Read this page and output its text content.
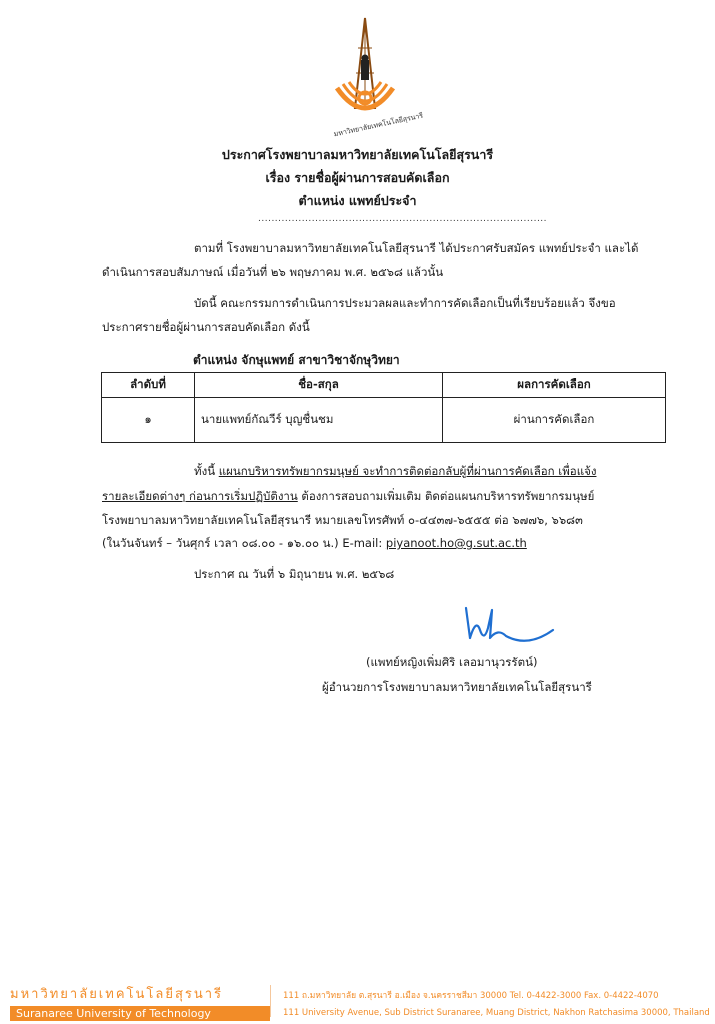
มหาวิทยาลัยเทคโนโลยีสุรนารี
ประกาศโรงพยาบาลมหาวิทยาลัยเทคโนโลยีสุรนารี
เรื่อง รายชื่อผู้ผ่านการสอบคัดเลือก
ตำแหน่ง แพทย์ประจำ
......................................................................................
ตามที่ โรงพยาบาลมหาวิทยาลัยเทคโนโลยีสุรนารี ได้ประกาศรับสมัคร แพทย์ประจำ และได้
ดำเนินการสอบสัมภาษณ์ เมื่อวันที่ ๒๖ พฤษภาคม พ.ศ. ๒๕๖๘ แล้วนั้น
บัดนี้ คณะกรรมการดำเนินการประมวลผลและทำการคัดเลือกเป็นที่เรียบร้อยแล้ว จึงขอ
ประกาศรายชื่อผู้ผ่านการสอบคัดเลือก ดังนี้
ตำแหน่ง จักษุแพทย์ สาขาวิชาจักษุวิทยา
ลำดับที่	ชื่อ-สกุล	ผลการคัดเลือก
๑	นายแพทย์กัณวีร์ บุญชื่นชม	ผ่านการคัดเลือก
ทั้งนี้ แผนกบริหารทรัพยากรมนุษย์ จะทำการติดต่อกลับผู้ที่ผ่านการคัดเลือก เพื่อแจ้ง
รายละเอียดต่างๆ ก่อนการเริ่มปฏิบัติงาน ต้องการสอบถามเพิ่มเติม ติดต่อแผนกบริหารทรัพยากรมนุษย์
โรงพยาบาลมหาวิทยาลัยเทคโนโลยีสุรนารี หมายเลขโทรศัพท์ ๐-๔๔๓๗-๖๕๕๕ ต่อ ๖๗๗๖, ๖๖๘๓
(ในวันจันทร์ – วันศุกร์ เวลา ๐๘.๐๐ - ๑๖.๐๐ น.) E-mail: piyanoot.ho@g.sut.ac.th
ประกาศ ณ วันที่ ๖ มิถุนายน พ.ศ. ๒๕๖๘
(แพทย์หญิงเพิ่มศิริ เลอมานุวรรัตน์)
ผู้อำนวยการโรงพยาบาลมหาวิทยาลัยเทคโนโลยีสุรนารี
มหาวิทยาลัยเทคโนโลยีสุรนารี
Suranaree University of Technology
111 ถ.มหาวิทยาลัย ต.สุรนารี อ.เมือง จ.นครราชสีมา 30000 Tel. 0-4422-3000 Fax. 0-4422-4070
111 University Avenue, Sub District Suranaree, Muang District, Nakhon Ratchasima 30000, Thailand
